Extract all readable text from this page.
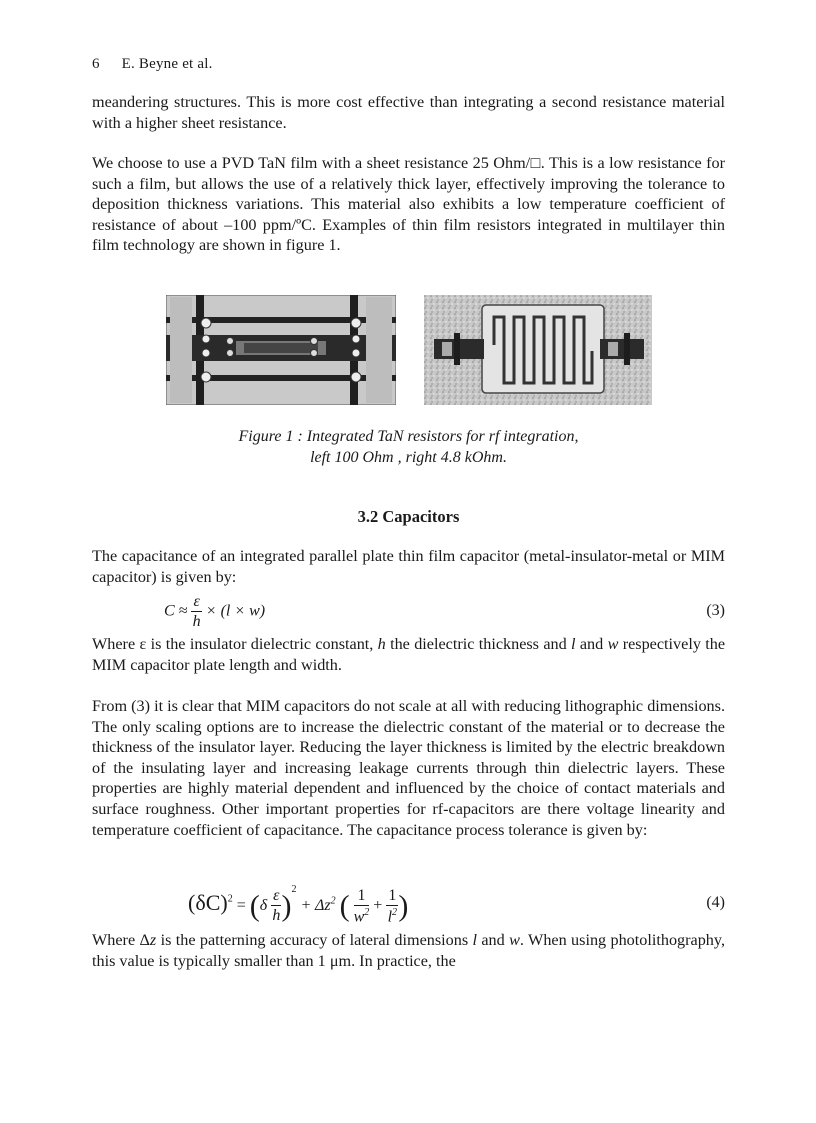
6 E. Beyne et al.
meandering structures. This is more cost effective than integrating a second resistance material with a higher sheet resistance.
We choose to use a PVD TaN film with a sheet resistance 25 Ohm/□. This is a low resistance for such a film, but allows the use of a relatively thick layer, effectively improving the tolerance to deposition thickness variations. This material also exhibits a low temperature coefficient of resistance of about –100 ppm/ºC. Examples of thin film resistors integrated in multilayer thin film technology are shown in figure 1.
Figure 1 : Integrated TaN resistors for rf integration,
left 100 Ohm , right 4.8 kOhm.
3.2 Capacitors
The capacitance of an integrated parallel plate thin film capacitor (metal-insulator-metal or MIM capacitor) is given by:
$C \approx \frac{\varepsilon}{h} \times (l \times w)$	(3)
Where ε is the insulator dielectric constant, h the dielectric thickness and l and w respectively the MIM capacitor plate length and width.
From (3) it is clear that MIM capacitors do not scale at all with reducing lithographic dimensions. The only scaling options are to increase the dielectric constant of the material or to decrease the thickness of the insulator layer. Reducing the layer thickness is limited by the electric breakdown of the insulating layer and increasing leakage currents through thin dielectric layers. These properties are highly material dependent and influenced by the choice of contact materials and surface roughness. Other important properties for rf-capacitors are there voltage linearity and temperature coefficient of capacitance. The capacitance process tolerance is given by:
$(\delta C)^2 = (\delta \frac{\varepsilon}{h} )^2 + \Delta z^2$ ( $\frac{1}{w^2} + \frac{1}{l^2}$ )	(4)
Where Δz is the patterning accuracy of lateral dimensions l and w. When using photolithography, this value is typically smaller than 1 μm. In practice, the
